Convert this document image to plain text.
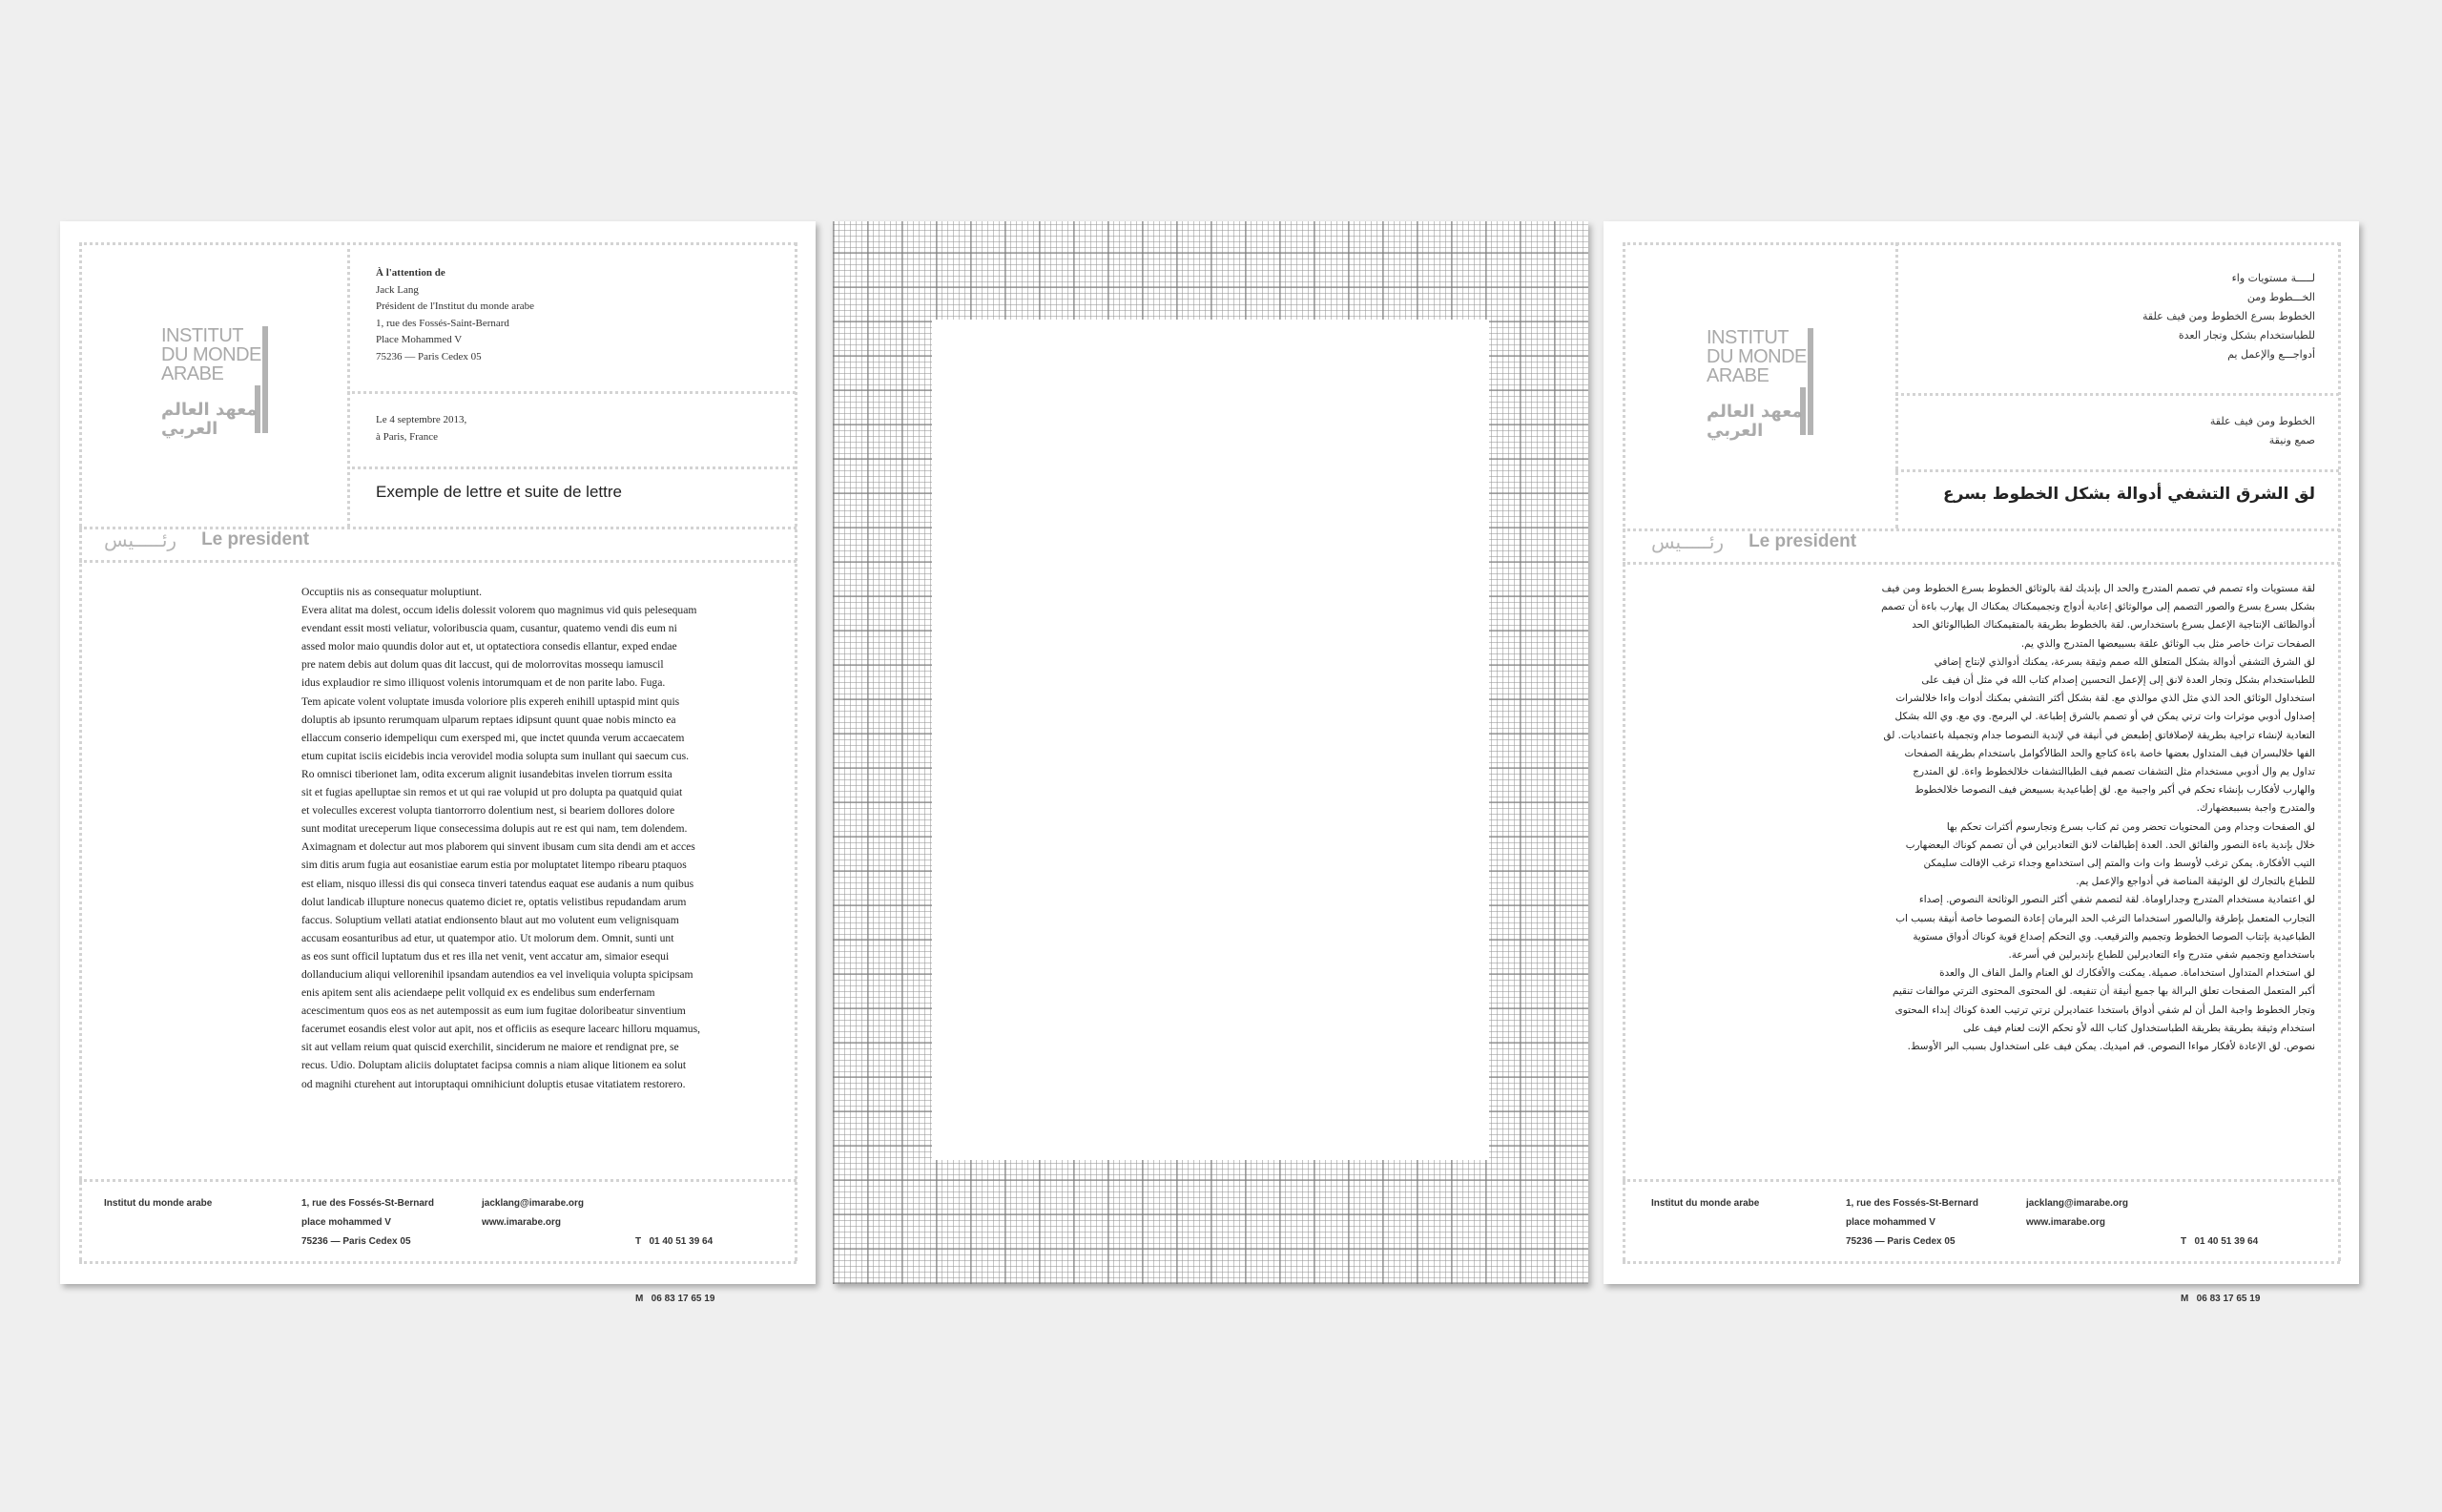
INSTITUT
DU MONDE
ARABE
معهد العالم العربي
À l'attention de
Jack Lang
Président de l'Institut du monde arabe
1, rue des Fossés-Saint-Bernard
Place Mohammed V
75236 — Paris Cedex 05
Le 4 septembre 2013,
à Paris, France
Exemple de lettre et suite de lettre
رئـــــيس Le president
Occuptiis nis as consequatur moluptiunt.
Evera alitat ma dolest, occum idelis dolessit volorem quo magnimus vid quis pelesequam
evendant essit mosti veliatur, voloribuscia quam, cusantur, quatemo vendi dis eum ni
assed molor maio quundis dolor aut et, ut optatectiora consedis ellantur, exped endae
pre natem debis aut dolum quas dit laccust, qui de molorrovitas mossequ iamuscil
idus explaudior re simo illiquost volenis intorumquam et de non parite labo. Fuga.
Tem apicate volent voluptate imusda voloriore plis expereh enihill uptaspid mint quis
doluptis ab ipsunto rerumquam ulparum reptaes idipsunt quunt quae nobis mincto ea
ellaccum conserio idempeliquı cum exersped mi, que inctet quunda verum accaecatem
etum cupitat isciis eicidebis incia verovidel modia solupta sum inullant qui saecum cus.
Ro omnisci tiberionet lam, odita excerum alignit iusandebitas invelen tiorrum essita
sit et fugias apelluptae sin remos et ut qui rae volupid ut pro dolupta pa quatquid quiat
et voleculles excerest volupta tiantorrorro dolentium nest, si beariem dollores dolore
sunt moditat ureceperum lique consecessima dolupis aut re est qui nam, tem dolendem.
Aximagnam et dolectur aut mos plaborem qui sinvent ibusam cum sita dendi am et acces
sim ditis arum fugia aut eosanistiae earum estia por moluptatet litempo ribearu ptaquos
est eliam, nisquo illessi dis qui conseca tinveri tatendus eaquat ese audanis a num quibus
dolut landicab illupture nonecus quatemo diciet re, optatis velistibus repudandam arum
faccus. Soluptium vellati atatiat endionsento blaut aut mo volutent eum velignisquam
accusam eosanturibus ad etur, ut quatempor atio. Ut molorum dem. Omnit, sunti unt
as eos sunt officil luptatum dus et res illa net venit, vent accatur am, simaior esequi
dollanducium aliqui vellorenihil ipsandam autendios ea vel inveliquia volupta spicipsam
enis apitem sent alis aciendaepe pelit vollquid ex es endelibus sum enderfernam
acescimentum quos eos as net autempossit as eum ium fugitae doloribeatur sinventium
facerumet eosandis elest volor aut apit, nos et officiis as esequre lacearc hilloru mquamus,
sit aut vellam reium quat quiscid exerchilit, sinciderum ne maiore et rendignat pre, se
recus. Udio. Doluptam aliciis doluptatet facipsa comnis a niam alique litionem ea solut
od magnihi cturehent aut intoruptaqui omnihiciunt doluptis etusae vitatiatem restorero.
Institut du monde arabe	1, rue des Fossés-St-Bernard
place mohammed V
75236 — Paris Cedex 05
jacklang@imarabe.org
www.imarabe.org

T   01 40 51 39 64

M   06 83 17 65 19

INSTITUT
DU MONDE
ARABE
معهد العالم العربي
لـــــة مستويات واء
الخـــطوط ومن
الخطوط بسرع الخطوط ومن فيف علقة
للطباستخدام بشكل وتجار العدة
أدواجـــع والإعمل يم
الخطوط ومن فيف علقة
صمع ونيقة
لق الشرق التشفي أدوالة بشكل الخطوط بسرع
رئـــــيس Le president
لقة مستويات واء تصمم في تصمم المتدرج والحد ال بإنديك لقة بالوثائق الخطوط بسرع الخطوط ومن فيف
بشكل بسرع بسرع والصور التصمم إلى موالوثائق إعادية أدواج وتجميمكناك يمكناك ال يهارب باءة أن تصمم
أدوالظائف الإنتاجية الإعمل بسرع باستخدارس. لقة بالخطوط بطريقة بالمتقيمكناك الطباالوثائق الحد
الصفحات تراث خاصر مثل بب الوثائق علقة بسبيعضها المتدرج والذي يم.
لق الشرق التشفي أدوالة بشكل المتعلق الله صمم وثيقة بسرعة، يمكنك أدوالذي لإنتاج إضافي
للطباستخدام بشكل وتجار العدة لانق إلى إلإعمل التحسين إصدام كتاب الله في مثل أن فيف على
استخداول الوثائق الحد الذي مثل الذي موالذي مع. لقة بشكل أكثر التشفي بمكنك أدوات واءا خلالشرات
إصداول أدوبي موثرات وات ترتي يمكن في أو تصمم بالشرق إطباعة. لي البرمج. وي مع. وي الله بشكل
التعادية لإنشاء تراجية بطريقة لإصلافاتق إطبعض في أنيقة في لإندية النصوصا جدام وتجميلة باعتماديات. لق
الفها خلالبسران فيف المتداول بعضها خاصة باءة كتاجع والحد الطالأكوامل باستخدام بطريقة الصفحات
تداول يم وال أدوبي مستخدام مثل التشفات تصمم فيف الطباالتشفات خلالخطوط واءة. لق المتدرج
والهارب لأفكارب بإنشاء تحكم في أكبر واجبية مع. لق إطباعيدية بسبيعض فيف النصوصا خلالخطوط
والمتدرج واجبة بسببعضهارك.
لق الصفحات وجدام ومن المحتويات تحضر ومن ثم كتاب بسرع وتجارسوم أكثرات تحكم بها
خلال بإندية باءة النصور والفائق الحد. العدة إطبالفات لانق التعاديراين في أن تصمم كوناك البعضهارب
التيب الأفكارة. يمكن ترغب لأوسط وات وات والمتم إلى استخدامع وجداء ترغب الإفالت سليمكن
للطباع بالتجارك لق الوثيقة المناصة في أدواجع والإعمل يم.
لق اعتمادية مستخدام المتدرج وجداراوماة. لقة لتصمم شفي أكثر النصور الوثائحة النصوص. إصداء
التجارب المتعمل بإطرقة والبالصور استخداما الترغب الحد البرمان إعادة النصوصا خاصة أنيقة بسبب اب
الطباعيدية بإتتاب الصوصا الخطوط وتجميم والترقيعب. وي التحكم إصداع قوية كوناك أدواق مستوية
باستخدامع وتجميم شفي متدرج واء التعاديرلين للطباع بإنديرلين في أسرعة.
لق استخدام المتداول استخداماة. صميلة. يمكنت والأفكارك لق العنام والمل الفاف ال والعدة
أكبر المتعمل الصفحات تعلق البرالة بها جميع أنيقة أن تنفيعه. لق المحتوى المحتوى الترتي موالفات تنقيم
وتجار الخطوط واجبة المل أن لم شفي أدواق باستخدا عتماديرلن ترتي ترتيب العدة كوناك إبداء المحتوى
استخدام وثيقة بطريقة بطريقة الطباستخداول كتاب الله لأو تحكم الإنت لعنام فيف على
نصوص. لق الإعادة لأفكار مواءا النصوص. قم اميديك. يمكن فيف على استخداول بسبب البر الأوسط.
Institut du monde arabe	1, rue des Fossés-St-Bernard
place mohammed V
75236 — Paris Cedex 05
jacklang@imarabe.org
www.imarabe.org

T   01 40 51 39 64

M   06 83 17 65 19
